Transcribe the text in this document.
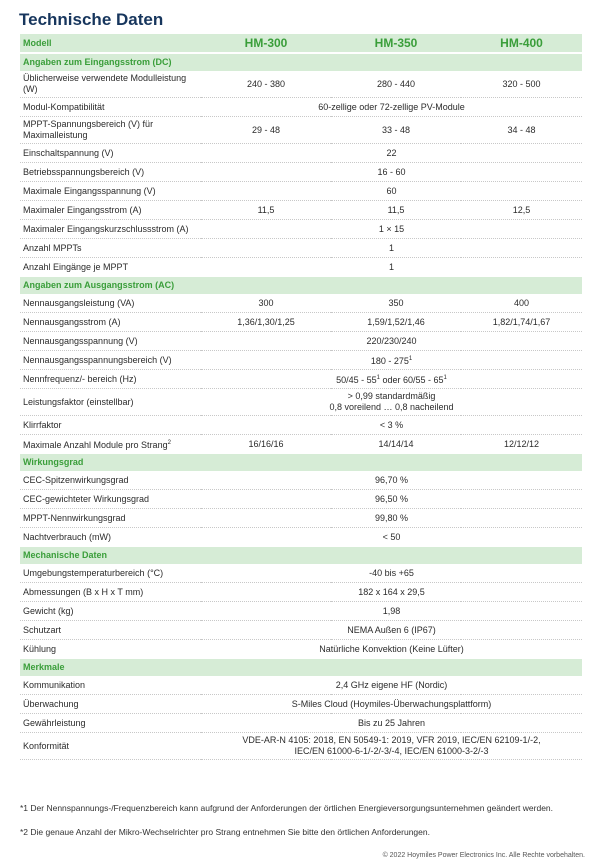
Technische Daten
Modell	HM-300	HM-350	HM-400
Angaben zum Eingangsstrom (DC)			
Üblicherweise verwendete Modulleistung (W)	240 - 380	280 - 440	320 - 500
Modul-Kompatibilität	60-zellige oder 72-zellige PV-Module		
MPPT-Spannungsbereich (V) für Maximalleistung	29 - 48	33 - 48	34 - 48
Einschaltspannung (V)	22		
Betriebsspannungsbereich (V)	16 - 60		
Maximale Eingangsspannung (V)	60		
Maximaler Eingangsstrom (A)	11,5	11,5	12,5
Maximaler Eingangskurzschlussstrom (A)	1 × 15		
Anzahl MPPTs	1		
Anzahl Eingänge je MPPT	1		
Angaben zum Ausgangsstrom (AC)			
Nennausgangsleistung (VA)	300	350	400
Nennausgangsstrom (A)	1,36/1,30/1,25	1,59/1,52/1,46	1,82/1,74/1,67
Nennausgangsspannung (V)	220/230/240		
Nennausgangsspannungsbereich (V)	$180 - 275^1$
Nennfrequenz/- bereich (Hz)	$50/45 - 55^1$ oder $60/55 - 65^1$
Leistungsfaktor (einstellbar)	> 0,99 standardmäßig
0,8 voreilend … 0,8 nacheilend		
Klirrfaktor	< 3 %		
Maximale Anzahl Module pro Strang$^2$	16/16/16	14/14/14	12/12/12
Wirkungsgrad			
CEC-Spitzenwirkungsgrad	96,70 %		
CEC-gewichteter Wirkungsgrad	96,50 %		
MPPT-Nennwirkungsgrad	99,80 %		
Nachtverbrauch (mW)	< 50		
Mechanische Daten			
Umgebungstemperaturbereich (°C)	-40 bis +65		
Abmessungen (B x H x T mm)	182 x 164 x 29,5		
Gewicht (kg)	1,98		
Schutzart	NEMA Außen 6 (IP67)		
Kühlung	Natürliche Konvektion (Keine Lüfter)		
Merkmale			
Kommunikation	2,4 GHz eigene HF (Nordic)		
Überwachung	S-Miles Cloud (Hoymiles-Überwachungsplattform)		
Gewährleistung	Bis zu 25 Jahren		
Konformität	VDE-AR-N 4105: 2018, EN 50549-1: 2019, VFR 2019, IEC/EN 62109-1/-2,
IEC/EN 61000-6-1/-2/-3/-4, IEC/EN 61000-3-2/-3		
*1 Der Nennspannungs-/Frequenzbereich kann aufgrund der Anforderungen der örtlichen Energieversorgungsunternehmen geändert werden.
*2 Die genaue Anzahl der Mikro-Wechselrichter pro Strang entnehmen Sie bitte den örtlichen Anforderungen.
© 2022 Hoymiles Power Electronics Inc. Alle Rechte vorbehalten.
